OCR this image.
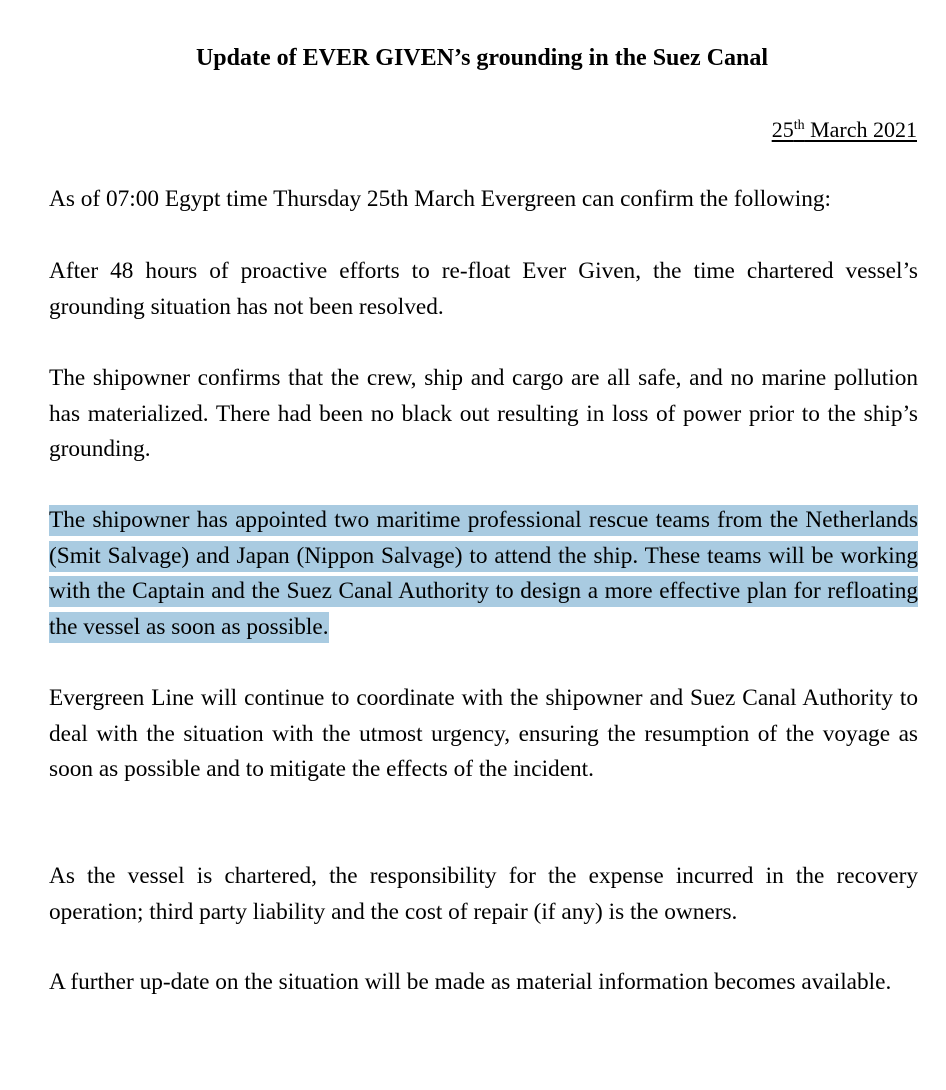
Update of EVER GIVEN’s grounding in the Suez Canal
25th March 2021

As of 07:00 Egypt time Thursday 25th March Evergreen can confirm the following:

After 48 hours of proactive efforts to re-float Ever Given, the time chartered vessel’s grounding situation has not been resolved.

The shipowner confirms that the crew, ship and cargo are all safe, and no marine pollution has materialized. There had been no black out resulting in loss of power prior to the ship’s grounding.

The shipowner has appointed two maritime professional rescue teams from the Netherlands (Smit Salvage) and Japan (Nippon Salvage) to attend the ship. These teams will be working with the Captain and the Suez Canal Authority to design a more effective plan for refloating the vessel as soon as possible.

Evergreen Line will continue to coordinate with the shipowner and Suez Canal Authority to deal with the situation with the utmost urgency, ensuring the resumption of the voyage as soon as possible and to mitigate the effects of the incident.

As the vessel is chartered, the responsibility for the expense incurred in the recovery operation; third party liability and the cost of repair (if any) is the owners.

A further up-date on the situation will be made as material information becomes available.
